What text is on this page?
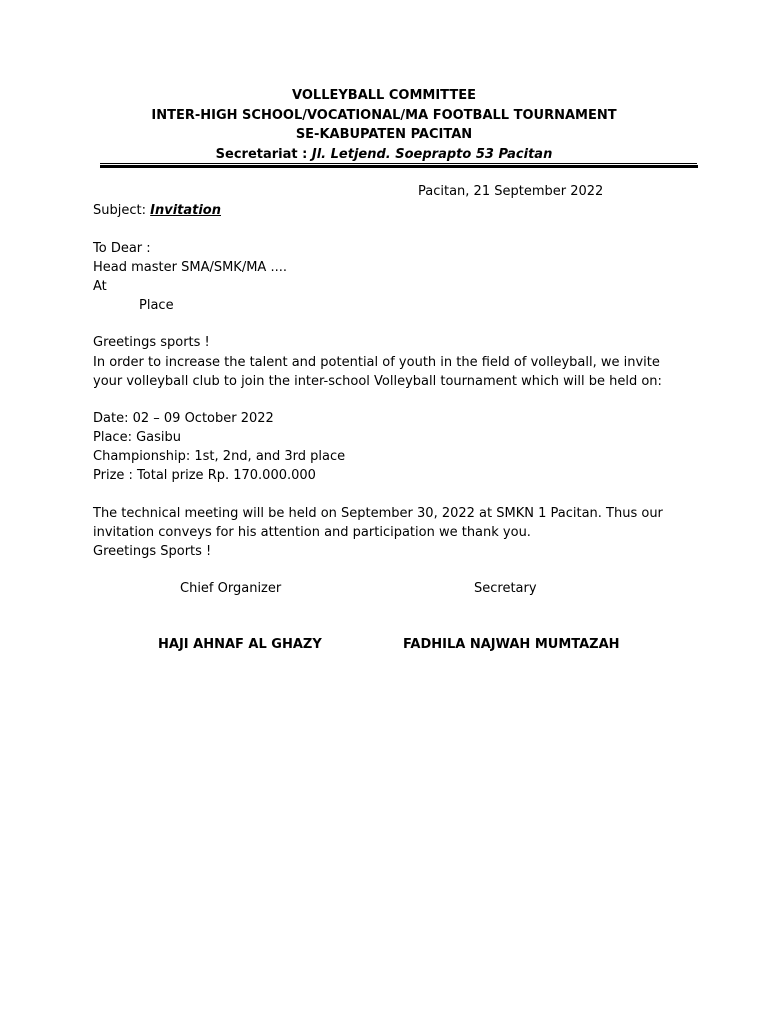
VOLLEYBALL COMMITTEE
INTER-HIGH SCHOOL/VOCATIONAL/MA FOOTBALL TOURNAMENT
SE-KABUPATEN PACITAN
Secretariat : Jl. Letjend. Soeprapto 53 Pacitan
Pacitan, 21 September 2022
Subject: Invitation
To Dear :
Head master SMA/SMK/MA ....
At
Place
Greetings sports !
In order to increase the talent and potential of youth in the field of volleyball, we invite your volleyball club to join the inter-school Volleyball tournament which will be held on:
Date: 02 – 09 October 2022
Place: Gasibu
Championship: 1st, 2nd, and 3rd place
Prize : Total prize Rp. 170.000.000
The technical meeting will be held on September 30, 2022 at SMKN 1 Pacitan. Thus our invitation conveys for his attention and participation we thank you.
Greetings Sports !
Chief Organizer	Secretary
HAJI AHNAF AL GHAZY	FADHILA NAJWAH MUMTAZAH
